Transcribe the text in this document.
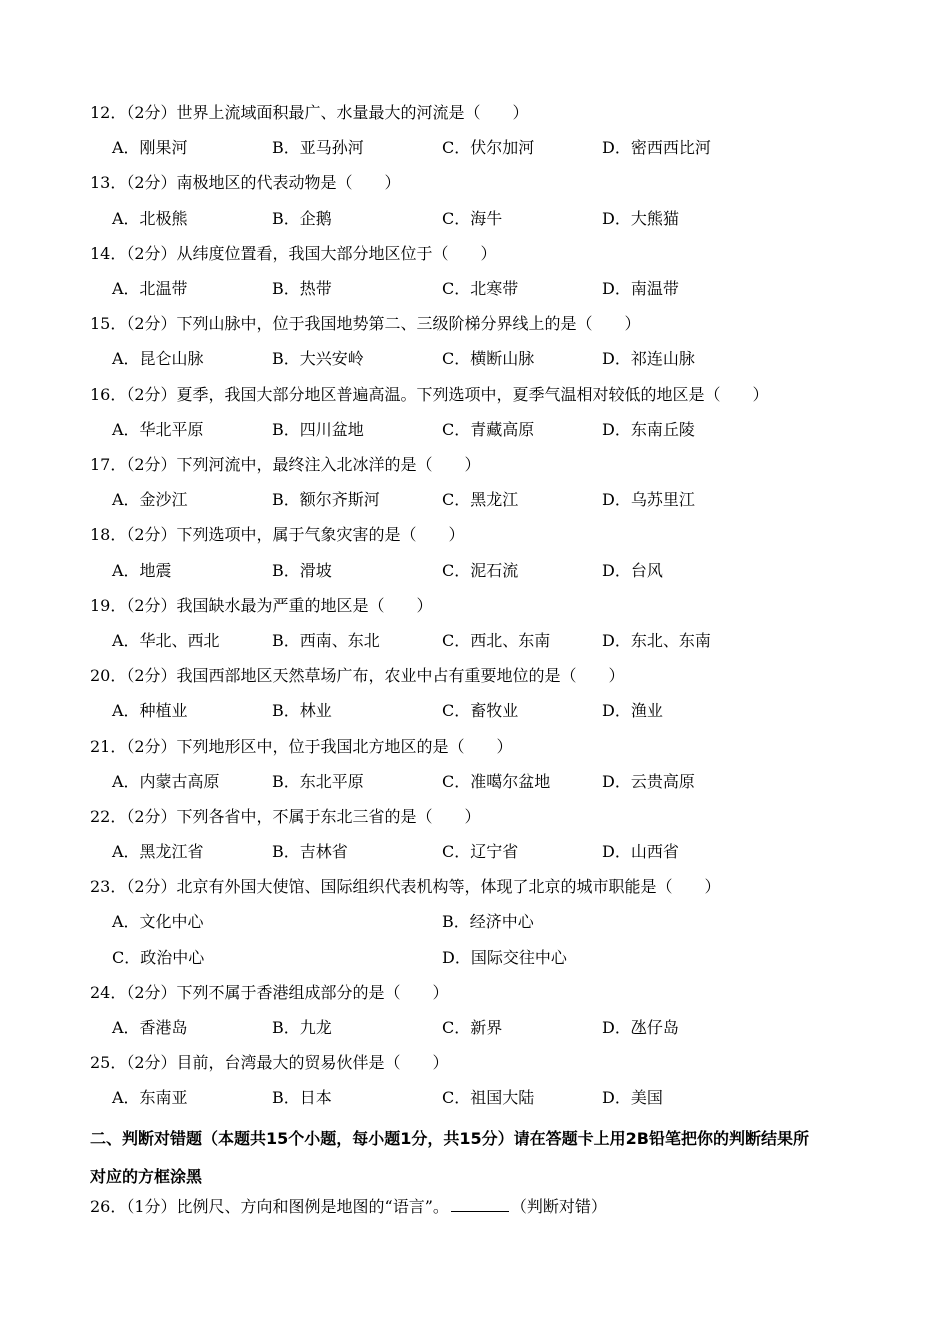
12．（2分）世界上流域面积最广、水量最大的河流是（　　）
A．刚果河	B．亚马孙河	C．伏尔加河	D．密西西比河
13．（2分）南极地区的代表动物是（　　）
A．北极熊	B．企鹅	C．海牛	D．大熊猫
14．（2分）从纬度位置看，我国大部分地区位于（　　）
A．北温带	B．热带	C．北寒带	D．南温带
15．（2分）下列山脉中，位于我国地势第二、三级阶梯分界线上的是（　　）
A．昆仑山脉	B．大兴安岭	C．横断山脉	D．祁连山脉
16．（2分）夏季，我国大部分地区普遍高温。下列选项中，夏季气温相对较低的地区是（　　）
A．华北平原	B．四川盆地	C．青藏高原	D．东南丘陵
17．（2分）下列河流中，最终注入北冰洋的是（　　）
A．金沙江	B．额尔齐斯河	C．黑龙江	D．乌苏里江
18．（2分）下列选项中，属于气象灾害的是（　　）
A．地震	B．滑坡	C．泥石流	D．台风
19．（2分）我国缺水最为严重的地区是（　　）
A．华北、西北	B．西南、东北	C．西北、东南	D．东北、东南
20．（2分）我国西部地区天然草场广布，农业中占有重要地位的是（　　）
A．种植业	B．林业	C．畜牧业	D．渔业
21．（2分）下列地形区中，位于我国北方地区的是（　　）
A．内蒙古高原	B．东北平原	C．准噶尔盆地	D．云贵高原
22．（2分）下列各省中，不属于东北三省的是（　　）
A．黑龙江省	B．吉林省	C．辽宁省	D．山西省
23．（2分）北京有外国大使馆、国际组织代表机构等，体现了北京的城市职能是（　　）
A．文化中心	B．经济中心
C．政治中心	D．国际交往中心
24．（2分）下列不属于香港组成部分的是（　　）
A．香港岛	B．九龙	C．新界	D．氹仔岛
25．（2分）目前，台湾最大的贸易伙伴是（　　）
A．东南亚	B．日本	C．祖国大陆	D．美国

二、判断对错题（本题共15个小题，每小题1分，共15分）请在答题卡上用2B铅笔把你的判断结果所

对应的方框涂黑

26．（1分）比例尺、方向和图例是地图的“语言”。	（判断对错）
